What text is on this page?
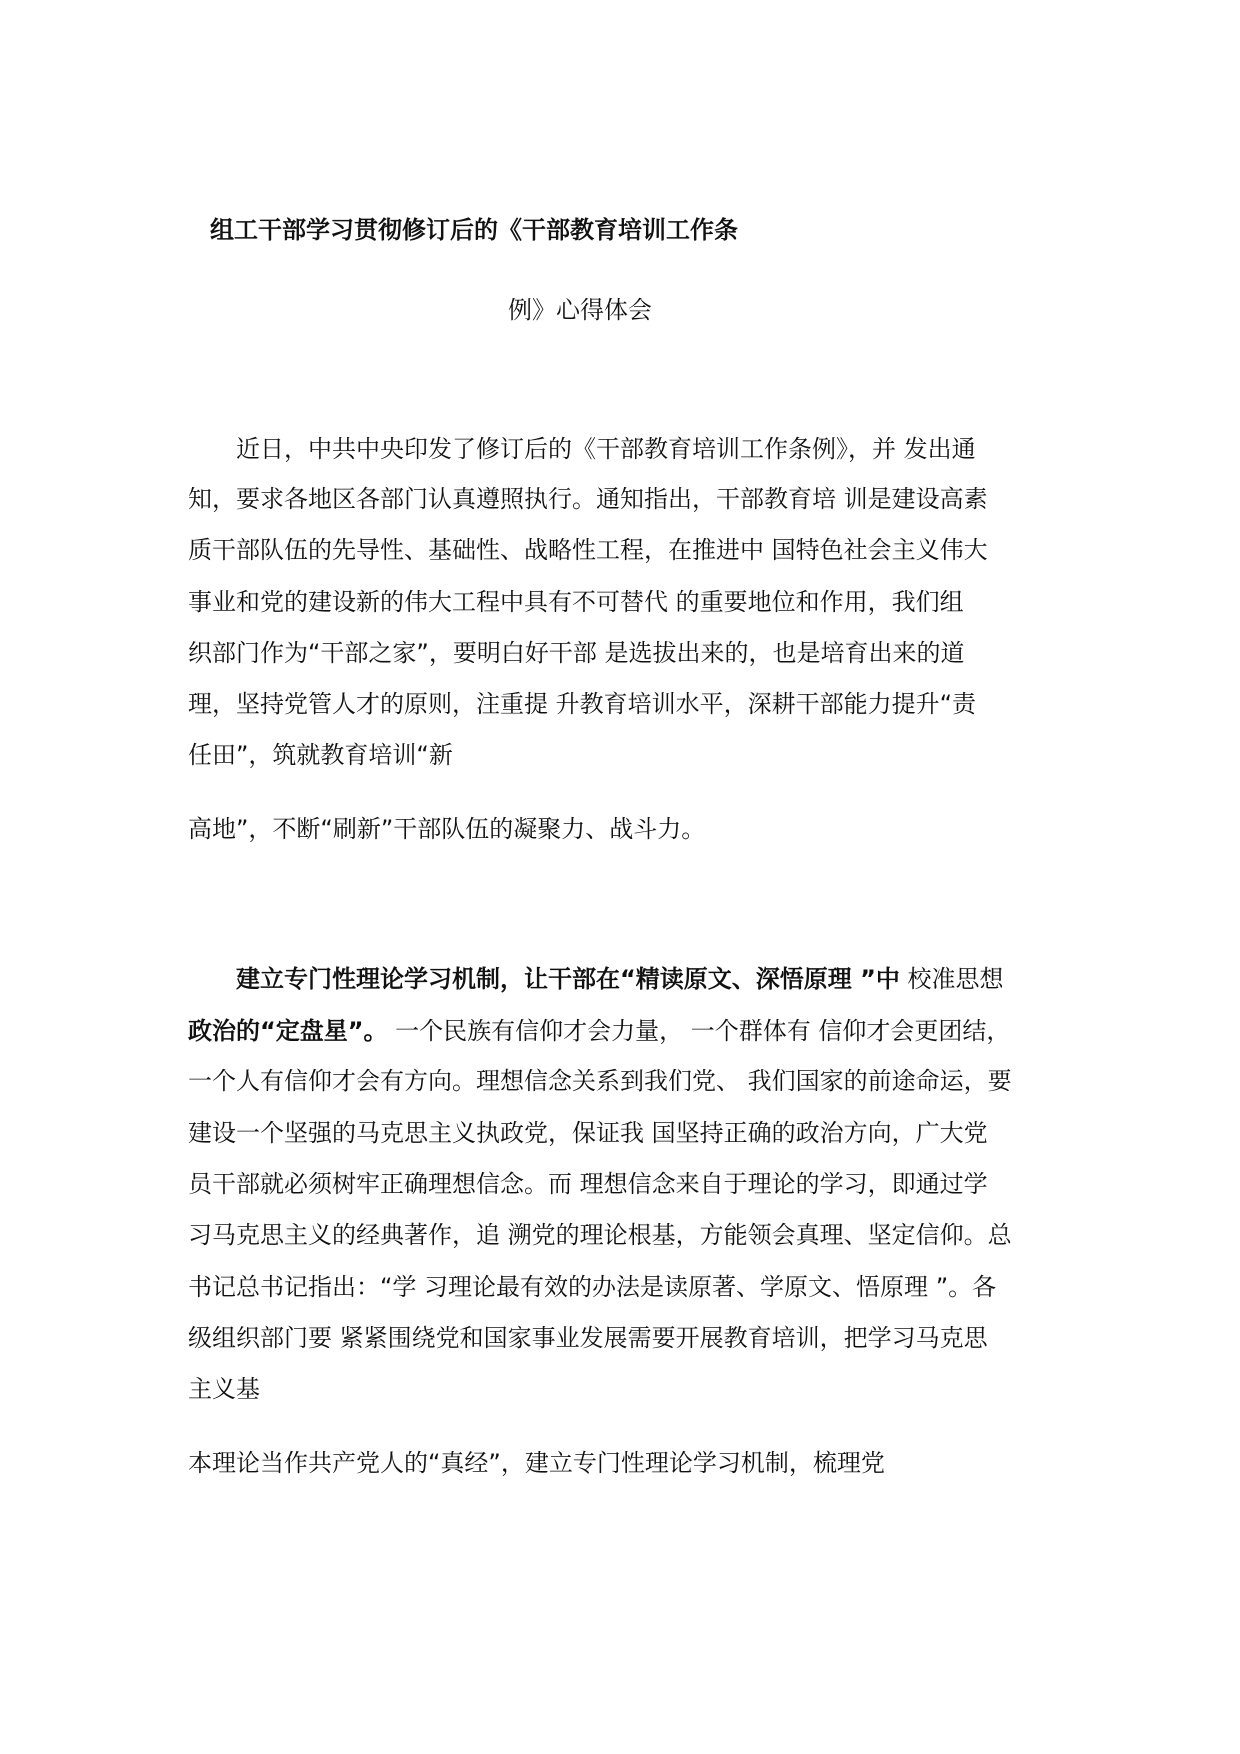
组工干部学习贯彻修订后的《干部教育培训工作条
例》心得体会
　　近日，中共中央印发了修订后的《干部教育培训工作条例》，并 发出通
知，要求各地区各部门认真遵照执行。通知指出，干部教育培 训是建设高素
质干部队伍的先导性、基础性、战略性工程，在推进中 国特色社会主义伟大
事业和党的建设新的伟大工程中具有不可替代 的重要地位和作用，我们组
织部门作为“干部之家”，要明白好干部 是选拔出来的，也是培育出来的道
理，坚持党管人才的原则，注重提 升教育培训水平，深耕干部能力提升“责
任田”，筑就教育培训“新
高地”，不断“刷新”干部队伍的凝聚力、战斗力。
　　建立专门性理论学习机制，让干部在“精读原文、深悟原理 ”中 校准思想
政治的“定盘星”。 一个民族有信仰才会力量， 一个群体有 信仰才会更团结，
一个人有信仰才会有方向。理想信念关系到我们党、 我们国家的前途命运，要
建设一个坚强的马克思主义执政党，保证我 国坚持正确的政治方向，广大党
员干部就必须树牢正确理想信念。而 理想信念来自于理论的学习，即通过学
习马克思主义的经典著作，追 溯党的理论根基，方能领会真理、坚定信仰。总
书记总书记指出：“学 习理论最有效的办法是读原著、学原文、悟原理 ”。各
级组织部门要 紧紧围绕党和国家事业发展需要开展教育培训，把学习马克思
主义基
本理论当作共产党人的“真经”，建立专门性理论学习机制，梳理党
